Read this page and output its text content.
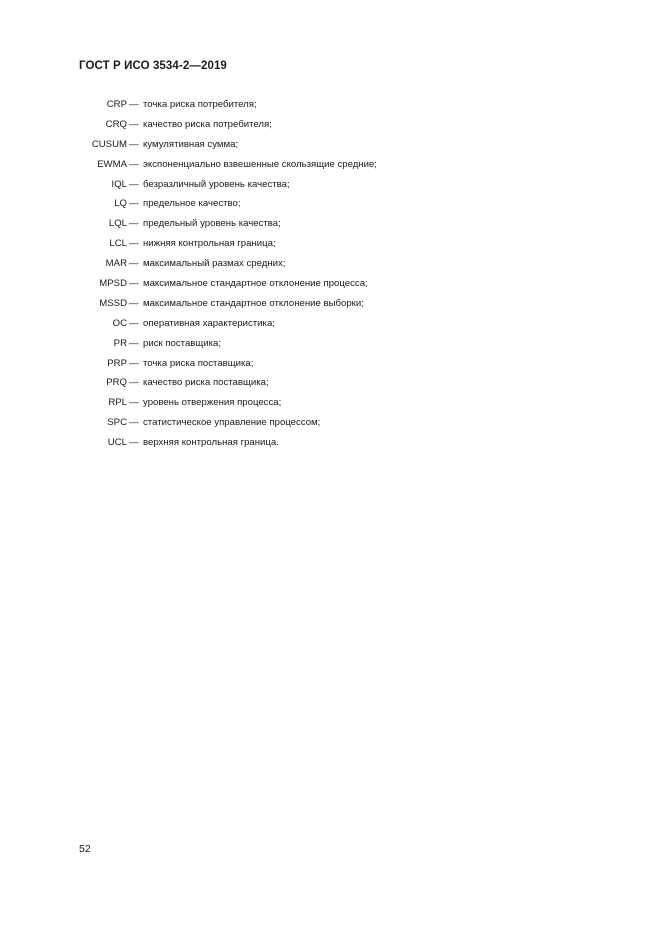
ГОСТ Р ИСО 3534-2—2019
CRP — точка риска потребителя;
CRQ — качество риска потребителя;
CUSUM — кумулятивная сумма;
EWMA — экспоненциально взвешенные скользящие средние;
IQL — безразличный уровень качества;
LQ — предельное качество;
LQL — предельный уровень качества;
LCL — нижняя контрольная граница;
MAR — максимальный размах средних;
MPSD — максимальное стандартное отклонение процесса;
MSSD — максимальное стандартное отклонение выборки;
OC — оперативная характеристика;
PR — риск поставщика;
PRP — точка риска поставщика;
PRQ — качество риска поставщика;
RPL — уровень отвержения процесса;
SPC — статистическое управление процессом;
UCL — верхняя контрольная граница.
52
